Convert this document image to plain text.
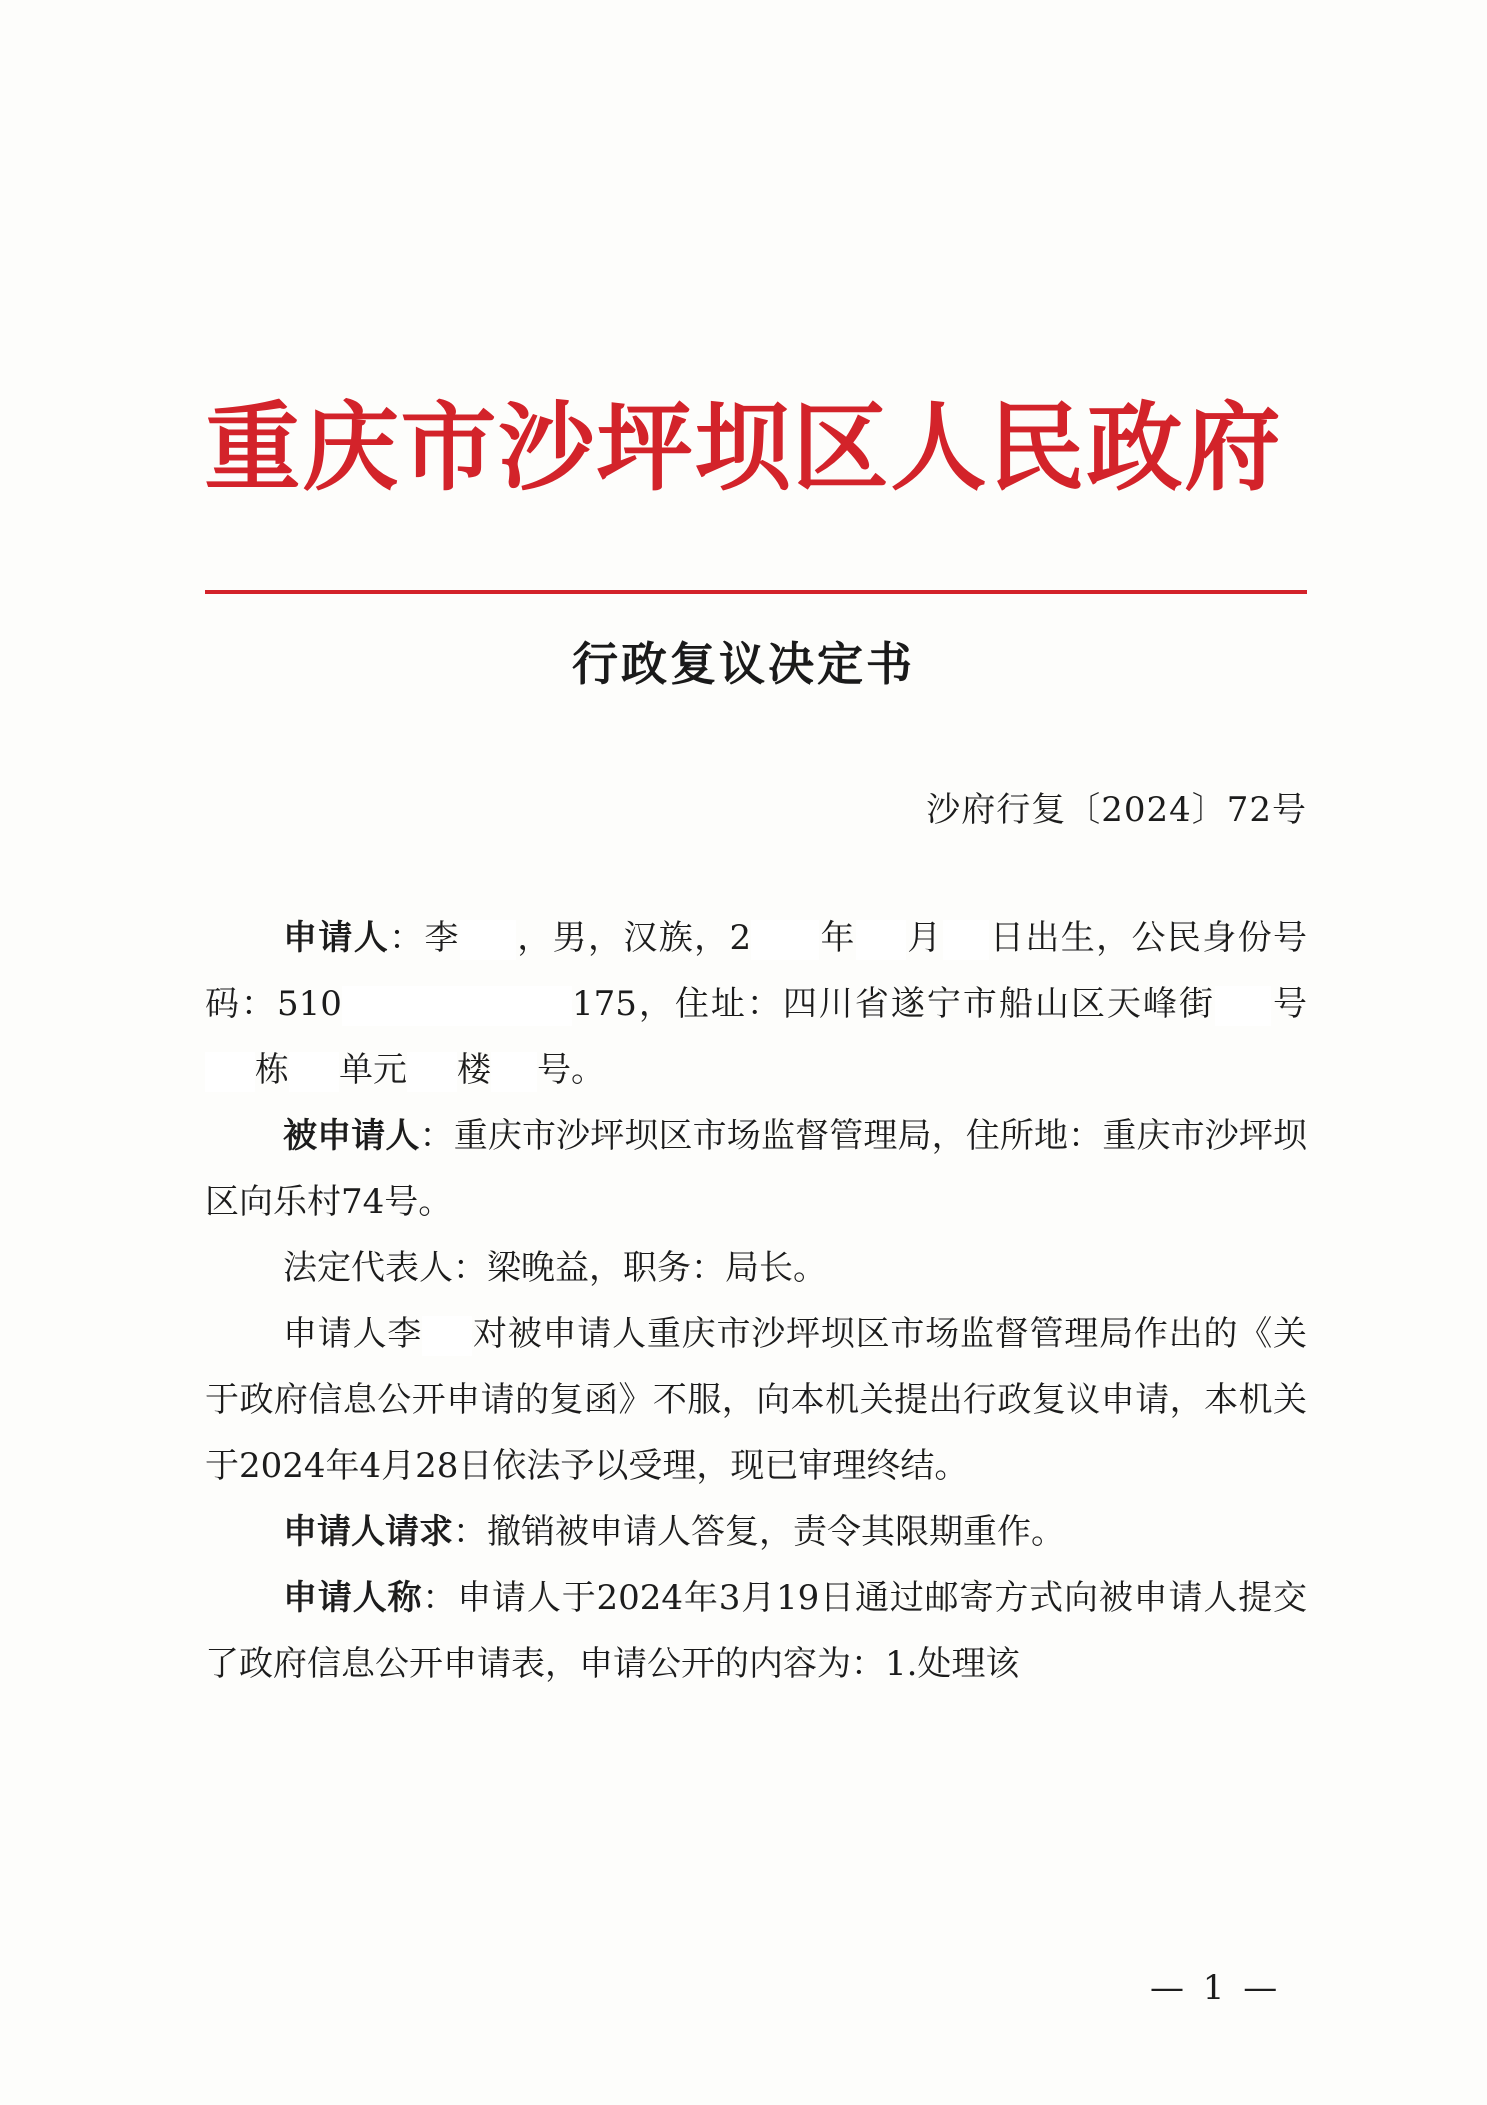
重庆市沙坪坝区人民政府
行政复议决定书
沙府行复〔2024〕72号

申请人：李 ，男，汉族，2 年 月 日出生，公民身份号码：510	175，住址：四川省遂宁市船山区天峰街 号栋 单元 楼 号。

被申请人：重庆市沙坪坝区市场监督管理局，住所地：重庆市沙坪坝区向乐村74号。

法定代表人：梁晚益，职务：局长。

申请人李 对被申请人重庆市沙坪坝区市场监督管理局作出的《关于政府信息公开申请的复函》不服，向本机关提出行政复议申请，本机关于2024年4月28日依法予以受理，现已审理终结。

申请人请求：撤销被申请人答复，责令其限期重作。

申请人称：申请人于2024年3月19日通过邮寄方式向被申请人提交了政府信息公开申请表，申请公开的内容为：1.处理该

— 1 —
